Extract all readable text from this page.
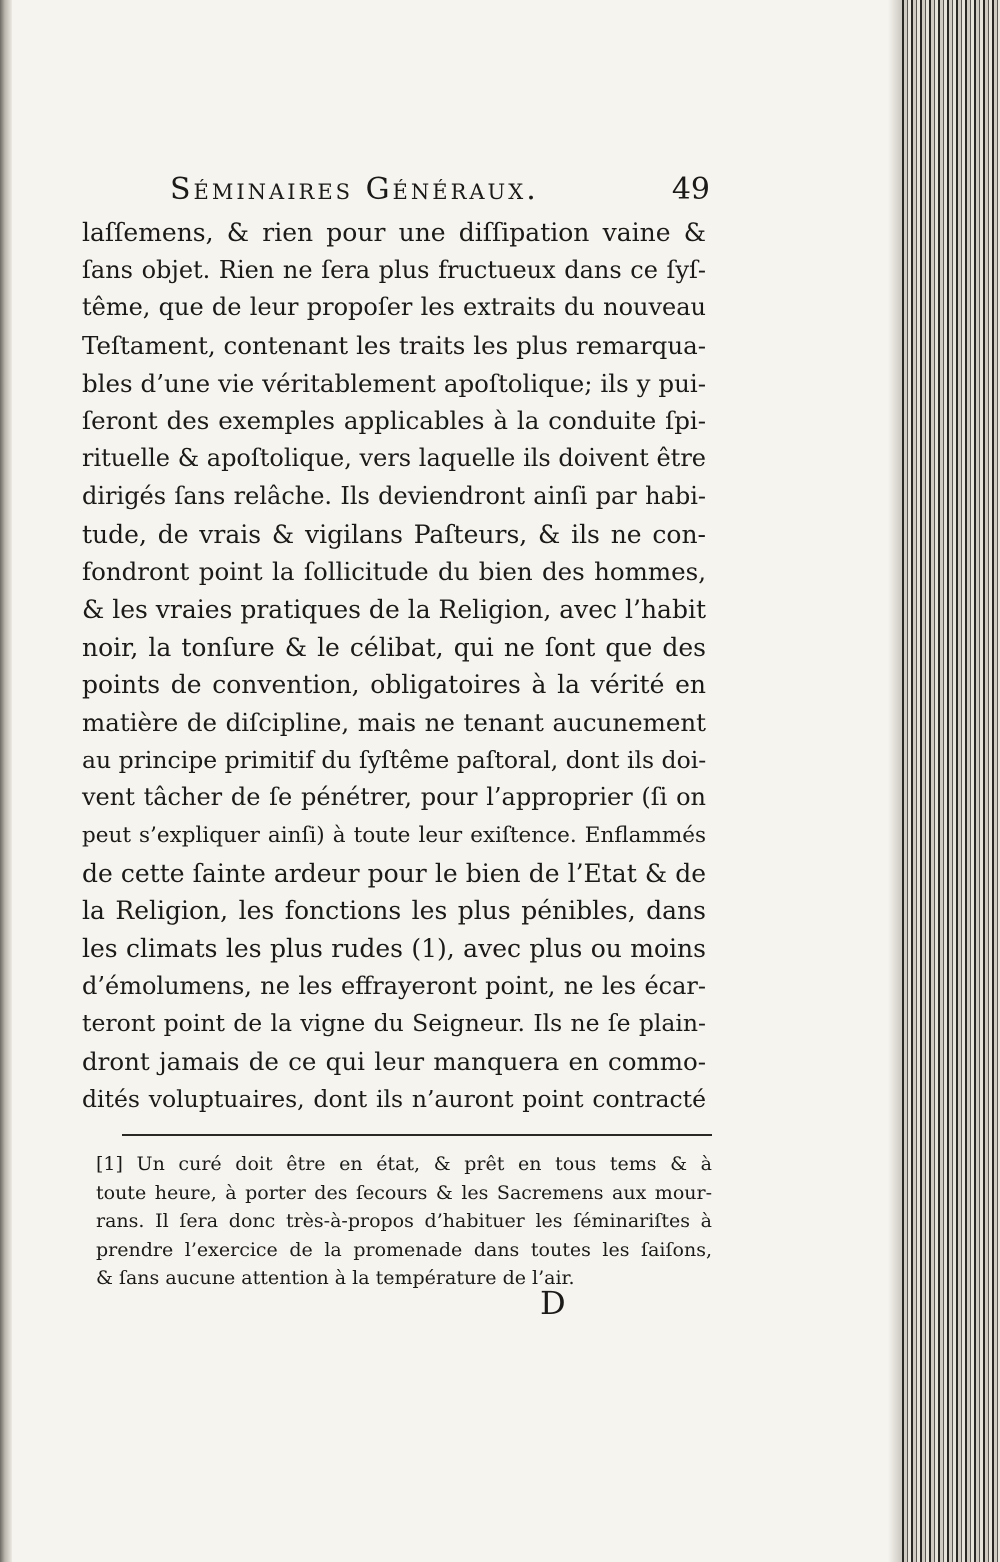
Séminaires Généraux.	49
laſſemens, & rien pour une diſſipation vaine &
ſans objet. Rien ne ſera plus fructueux dans ce ſyſ-
tême, que de leur propoſer les extraits du nouveau
Teſtament, contenant les traits les plus remarqua-
bles d’une vie véritablement apoſtolique; ils y pui-
ſeront des exemples applicables à la conduite ſpi-
rituelle & apoſtolique, vers laquelle ils doivent être
dirigés ſans relâche. Ils deviendront ainſi par habi-
tude, de vrais & vigilans Paſteurs, & ils ne con-
fondront point la ſollicitude du bien des hommes,
& les vraies pratiques de la Religion, avec l’habit
noir, la tonſure & le célibat, qui ne ſont que des
points de convention, obligatoires à la vérité en
matière de diſcipline, mais ne tenant aucunement
au principe primitif du ſyſtême paſtoral, dont ils doi-
vent tâcher de ſe pénétrer, pour l’approprier (ſi on
peut s’expliquer ainſi) à toute leur exiſtence. Enflammés
de cette ſainte ardeur pour le bien de l’Etat & de
la Religion, les fonctions les plus pénibles, dans
les climats les plus rudes (1), avec plus ou moins
d’émolumens, ne les effrayeront point, ne les écar-
teront point de la vigne du Seigneur. Ils ne ſe plain-
dront jamais de ce qui leur manquera en commo-
dités voluptuaires, dont ils n’auront point contracté
[1] Un curé doit être en état, & prêt en tous tems & à
toute heure, à porter des ſecours & les Sacremens aux mour-
rans. Il ſera donc très-à-propos d’habituer les ſéminariſtes à
prendre l’exercice de la promenade dans toutes les ſaiſons,
& ſans aucune attention à la température de l’air.
D
